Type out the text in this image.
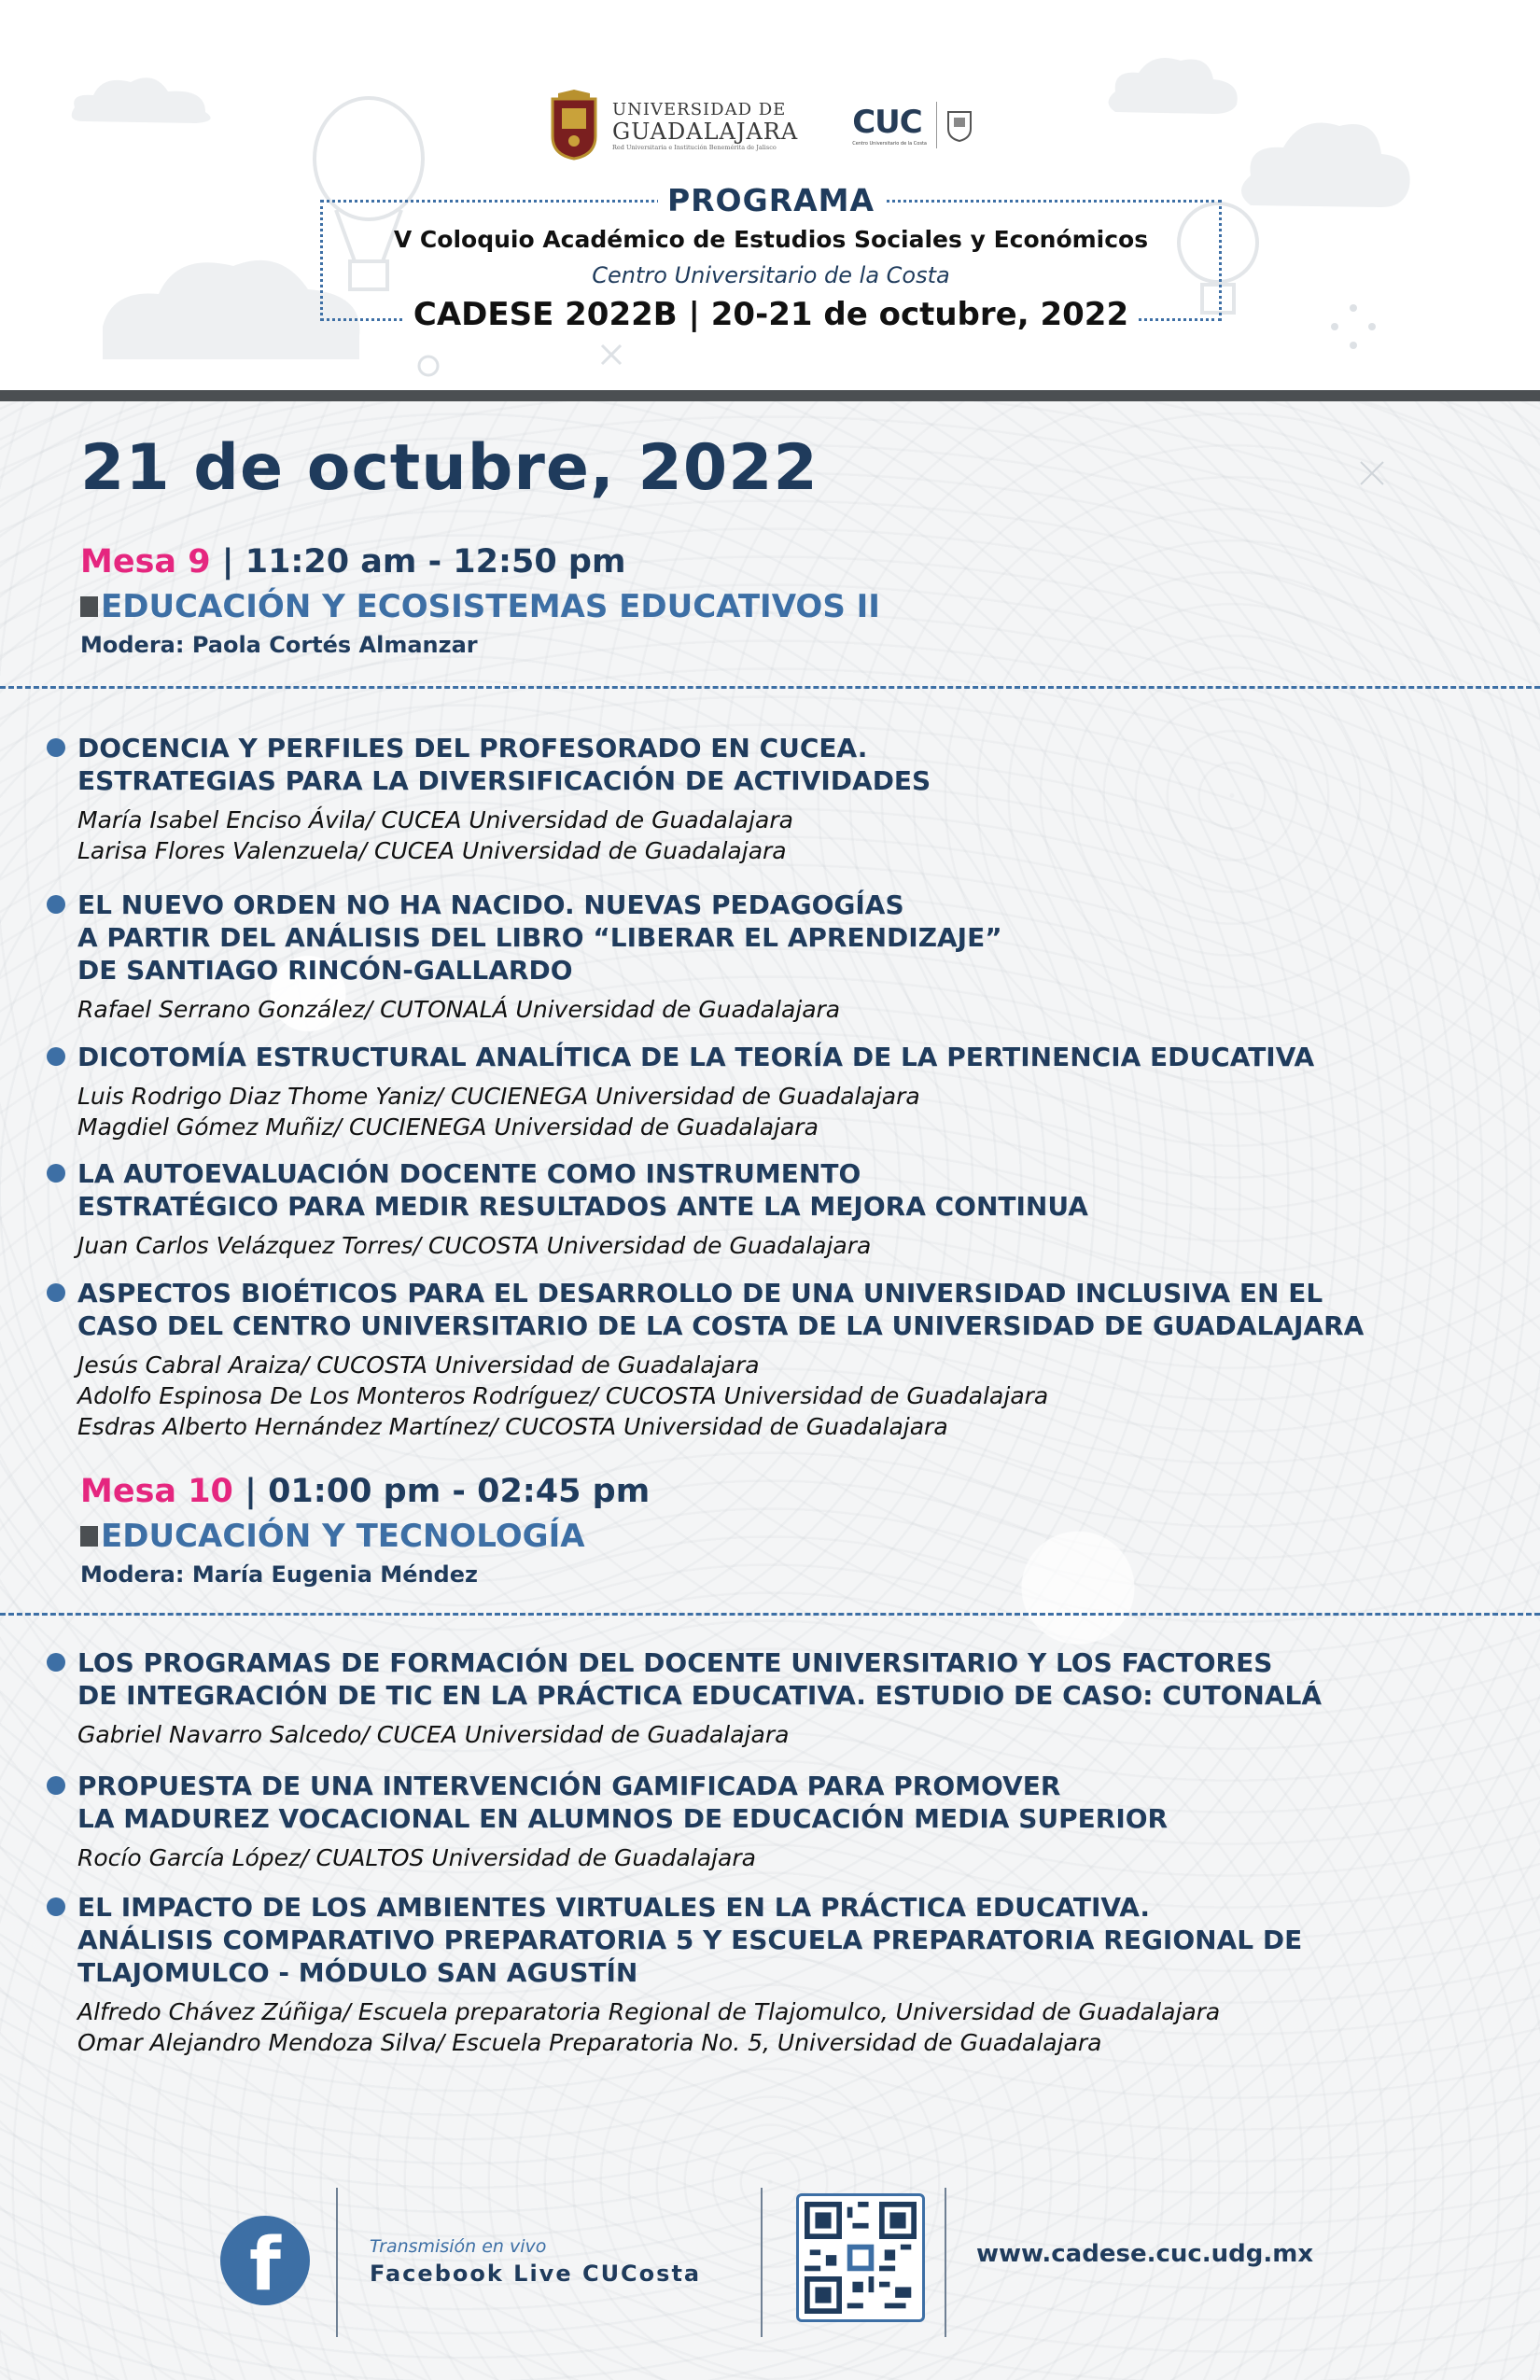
UNIVERSIDAD DE
GUADALAJARA
Red Universitaria e Institución Benemérita de Jalisco
CUC
Centro Universitario de la Costa
PROGRAMA
V Coloquio Académico de Estudios Sociales y Económicos
Centro Universitario de la Costa
CADESE 2022B | 20-21 de octubre, 2022
21 de octubre, 2022
Mesa 9 | 11:20 am - 12:50 pm
EDUCACIÓN Y ECOSISTEMAS EDUCATIVOS II
Modera: Paola Cortés Almanzar
DOCENCIA Y PERFILES DEL PROFESORADO EN CUCEA.
ESTRATEGIAS PARA LA DIVERSIFICACIÓN DE ACTIVIDADES
María Isabel Enciso Ávila/ CUCEA Universidad de Guadalajara
Larisa Flores Valenzuela/ CUCEA Universidad de Guadalajara
EL NUEVO ORDEN NO HA NACIDO. NUEVAS PEDAGOGÍAS
A PARTIR DEL ANÁLISIS DEL LIBRO “LIBERAR EL APRENDIZAJE”
DE SANTIAGO RINCÓN-GALLARDO
Rafael Serrano González/ CUTONALÁ Universidad de Guadalajara
DICOTOMÍA ESTRUCTURAL ANALÍTICA DE LA TEORÍA DE LA PERTINENCIA EDUCATIVA
Luis Rodrigo Diaz Thome Yaniz/ CUCIENEGA Universidad de Guadalajara
Magdiel Gómez Muñiz/ CUCIENEGA Universidad de Guadalajara
LA AUTOEVALUACIÓN DOCENTE COMO INSTRUMENTO
ESTRATÉGICO PARA MEDIR RESULTADOS ANTE LA MEJORA CONTINUA
Juan Carlos Velázquez Torres/ CUCOSTA Universidad de Guadalajara
ASPECTOS BIOÉTICOS PARA EL DESARROLLO DE UNA UNIVERSIDAD INCLUSIVA EN EL
CASO DEL CENTRO UNIVERSITARIO DE LA COSTA DE LA UNIVERSIDAD DE GUADALAJARA
Jesús Cabral Araiza/ CUCOSTA Universidad de Guadalajara
Adolfo Espinosa De Los Monteros Rodríguez/ CUCOSTA Universidad de Guadalajara
Esdras Alberto Hernández Martínez/ CUCOSTA Universidad de Guadalajara
Mesa 10 | 01:00 pm - 02:45 pm
EDUCACIÓN Y TECNOLOGÍA
Modera: María Eugenia Méndez
LOS PROGRAMAS DE FORMACIÓN DEL DOCENTE UNIVERSITARIO Y LOS FACTORES
DE INTEGRACIÓN DE TIC EN LA PRÁCTICA EDUCATIVA. ESTUDIO DE CASO: CUTONALÁ
Gabriel Navarro Salcedo/ CUCEA Universidad de Guadalajara
PROPUESTA DE UNA INTERVENCIÓN GAMIFICADA PARA PROMOVER
LA MADUREZ VOCACIONAL EN ALUMNOS DE EDUCACIÓN MEDIA SUPERIOR
Rocío García López/ CUALTOS Universidad de Guadalajara
EL IMPACTO DE LOS AMBIENTES VIRTUALES EN LA PRÁCTICA EDUCATIVA.
ANÁLISIS COMPARATIVO PREPARATORIA 5 Y ESCUELA PREPARATORIA REGIONAL DE
TLAJOMULCO - MÓDULO SAN AGUSTÍN
Alfredo Chávez Zúñiga/ Escuela preparatoria Regional de Tlajomulco, Universidad de Guadalajara
Omar Alejandro Mendoza Silva/ Escuela Preparatoria No. 5, Universidad de Guadalajara
f	Transmisión en vivo
Facebook Live CUCosta
www.cadese.cuc.udg.mx
